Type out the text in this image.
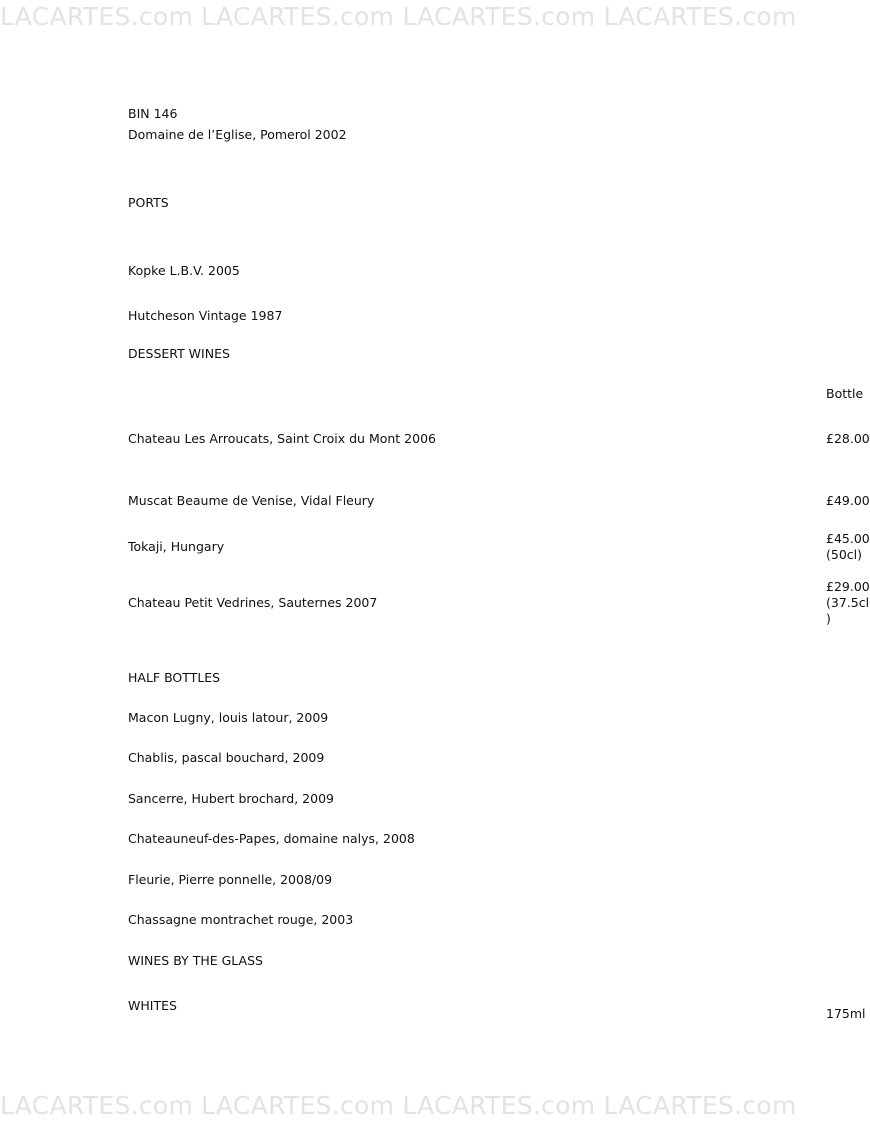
LACARTES.com LACARTES.com LACARTES.com LACARTES.com
LACARTES.com LACARTES.com LACARTES.com LACARTES.com
BIN 146
Domaine de l’Eglise, Pomerol 2002
PORTS
Kopke L.B.V. 2005
Hutcheson Vintage 1987
DESSERT WINES
Bottle
Chateau Les Arroucats, Saint Croix du Mont 2006	£28.00
Muscat Beaume de Venise, Vidal Fleury	£49.00
Tokaji, Hungary
£45.00
(50cl)
Chateau Petit Vedrines, Sauternes 2007
£29.00
(37.5cl
)
HALF BOTTLES
Macon Lugny, louis latour, 2009
Chablis, pascal bouchard, 2009
Sancerre, Hubert brochard, 2009
Chateauneuf-des-Papes, domaine nalys, 2008
Fleurie, Pierre ponnelle, 2008/09
Chassagne montrachet rouge, 2003
WINES BY THE GLASS
WHITES
175ml
